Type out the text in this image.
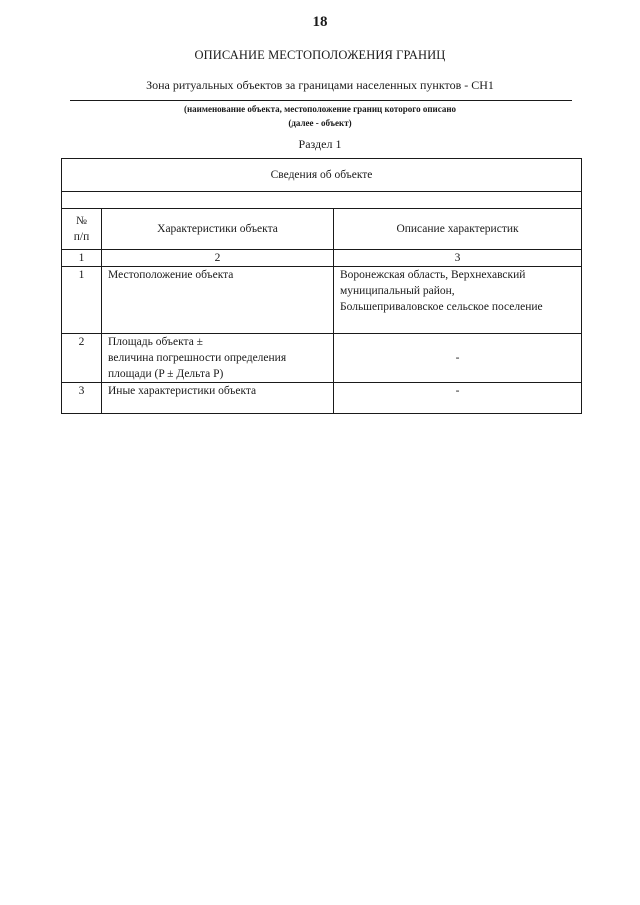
18
ОПИСАНИЕ МЕСТОПОЛОЖЕНИЯ ГРАНИЦ
Зона ритуальных объектов за границами населенных пунктов - СН1
(наименование объекта, местоположение границ которого описано
(далее - объект)
Раздел 1
Сведения об объекте		

№
п/п	Характеристики объекта	Описание характеристик
1	2	3
1	Местоположение объекта	Воронежская область, Верхнехавский
муниципальный район,
Большеприваловское сельское поселение
2	Площадь объекта ±
величина погрешности определения
площади (P ± Дельта P)	-
3	Иные характеристики объекта	-
